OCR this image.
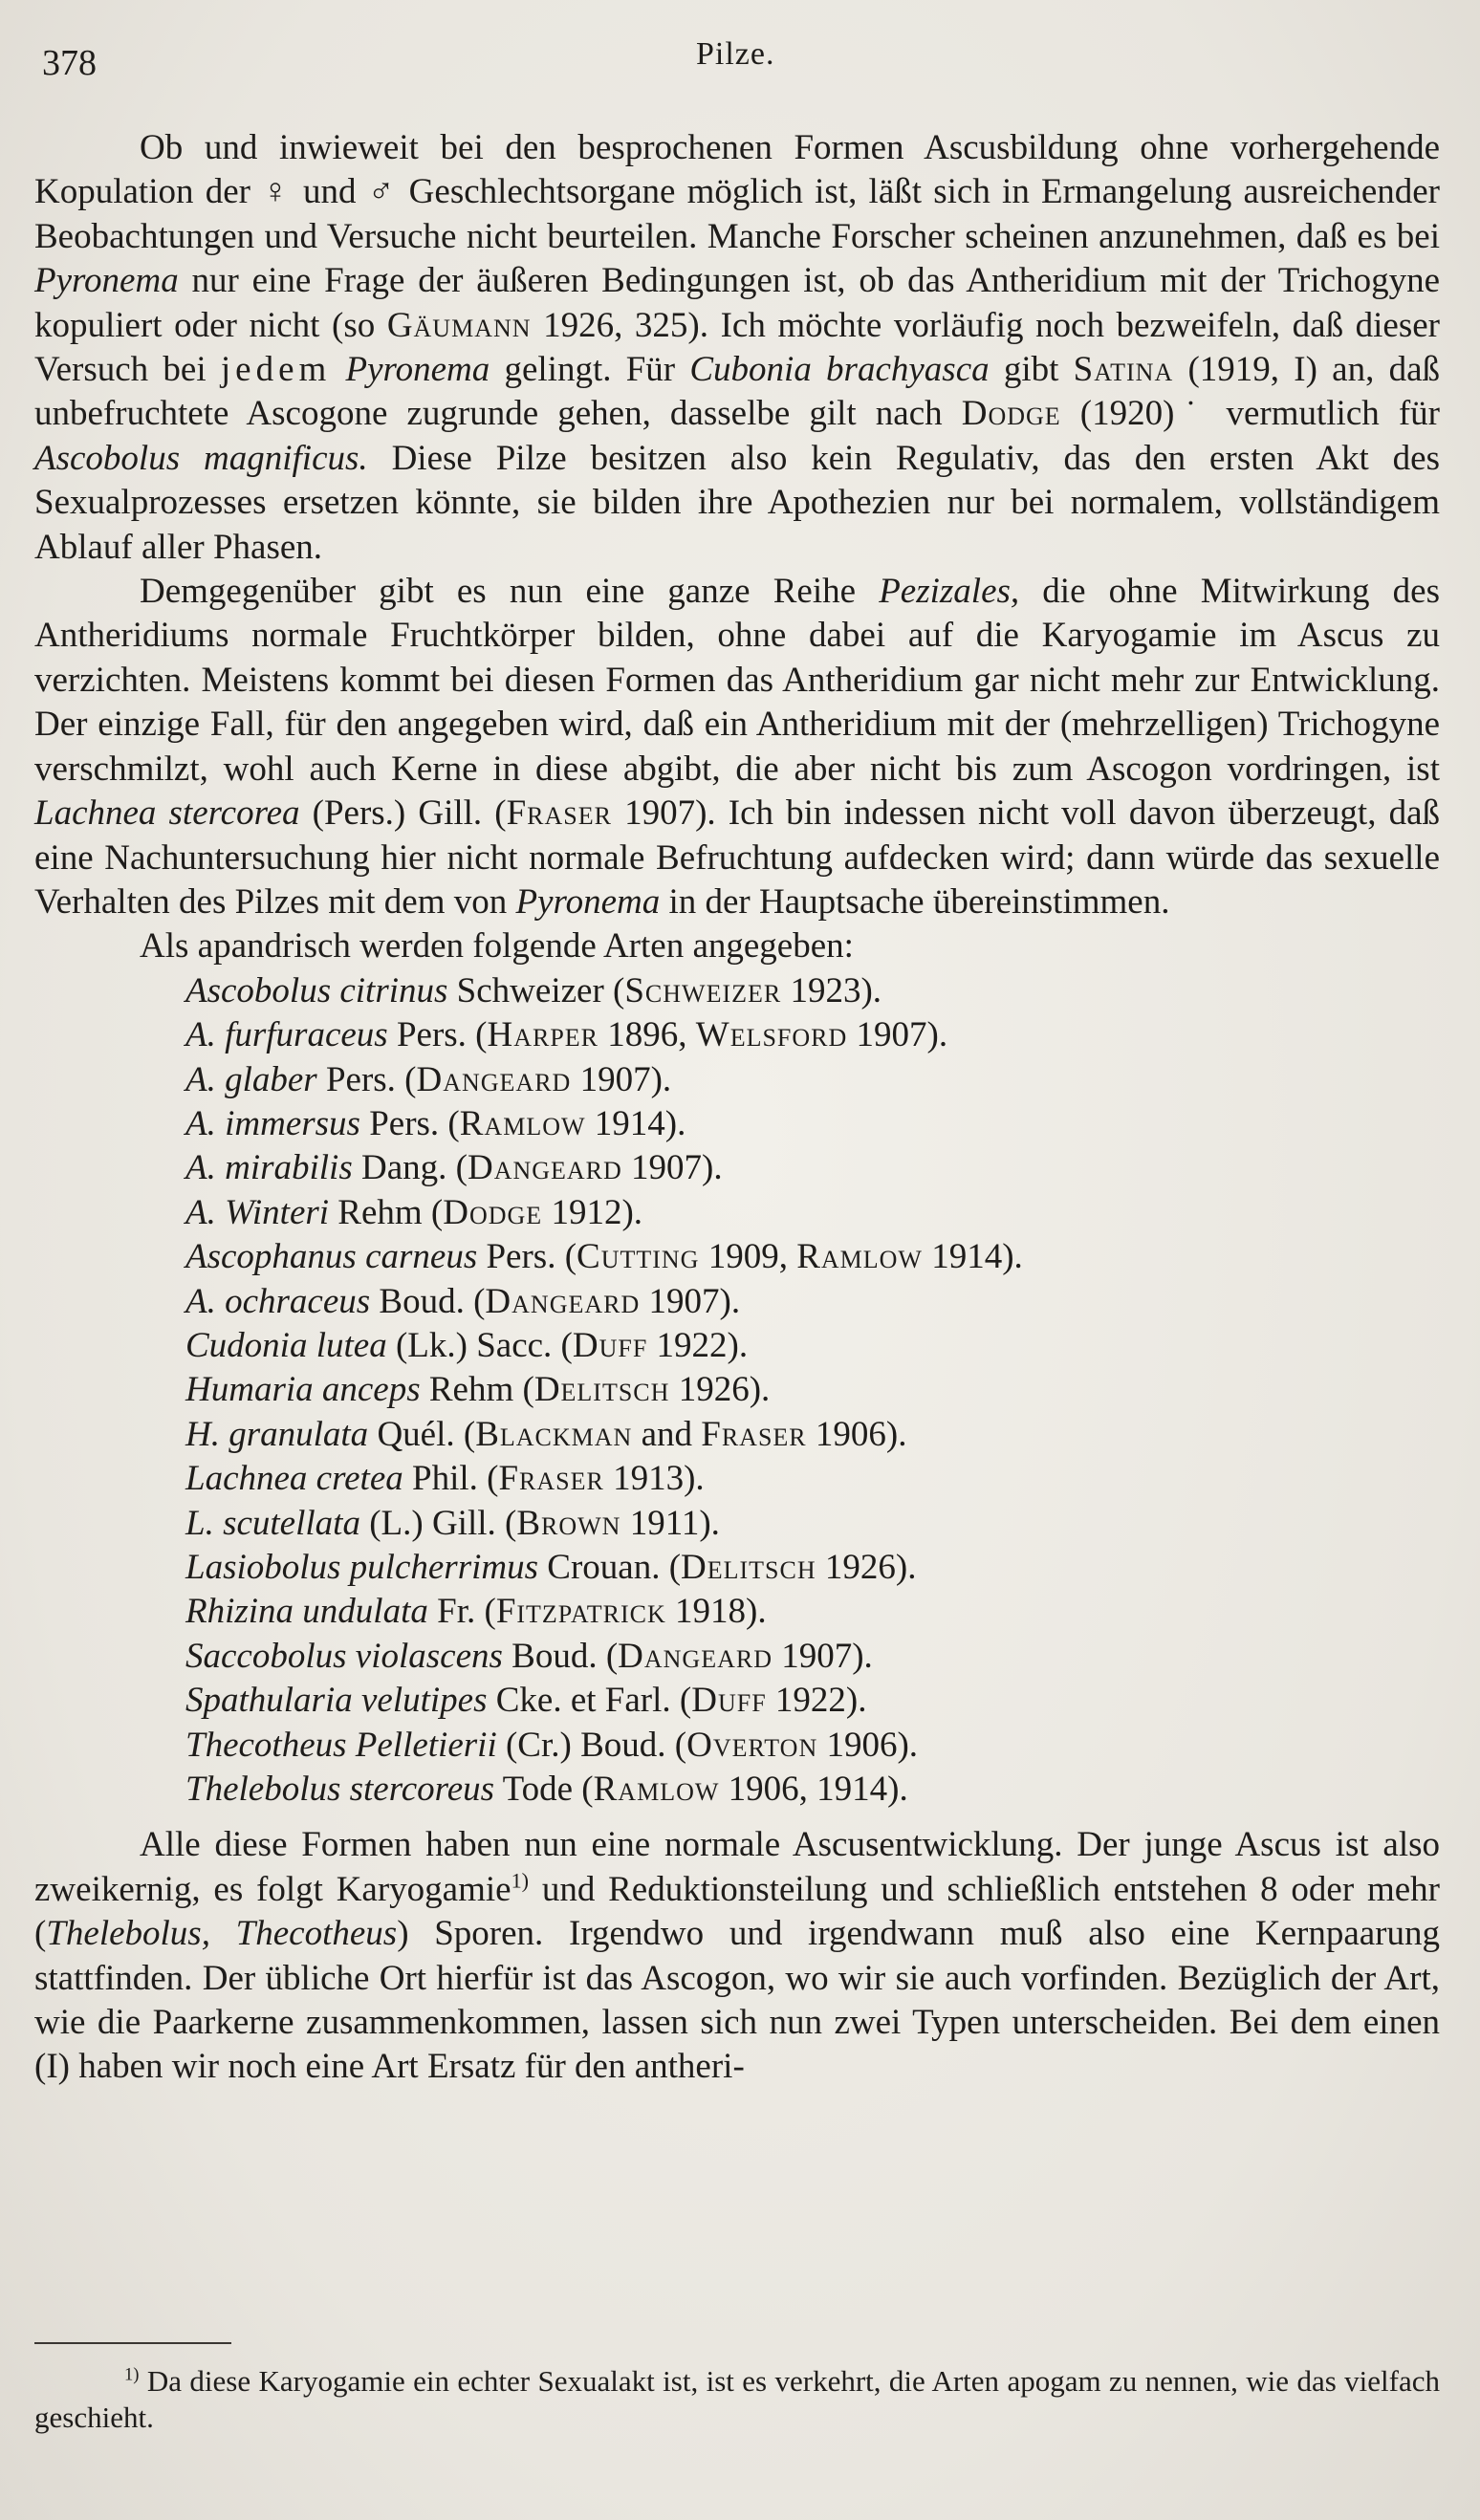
378	Pilze.

Ob und inwieweit bei den besprochenen Formen Ascusbildung ohne vorhergehende Kopulation der ♀ und ♂ Geschlechtsorgane möglich ist, läßt sich in Ermangelung ausreichender Beobachtungen und Versuche nicht beurteilen. Manche Forscher scheinen anzunehmen, daß es bei Pyronema nur eine Frage der äußeren Bedingungen ist, ob das Antheridium mit der Trichogyne kopuliert oder nicht (so Gäumann 1926, 325). Ich möchte vorläufig noch bezweifeln, daß dieser Versuch bei jedem Pyronema gelingt. Für Cubonia brachyasca gibt Satina (1919, I) an, daß unbefruchtete Ascogone zugrunde gehen, dasselbe gilt nach Dodge (1920)˙ vermutlich für Ascobolus magnificus. Diese Pilze besitzen also kein Regulativ, das den ersten Akt des Sexualprozesses ersetzen könnte, sie bilden ihre Apothezien nur bei normalem, vollständigem Ablauf aller Phasen.

Demgegenüber gibt es nun eine ganze Reihe Pezizales, die ohne Mitwirkung des Antheridiums normale Fruchtkörper bilden, ohne dabei auf die Karyogamie im Ascus zu verzichten. Meistens kommt bei diesen Formen das Antheridium gar nicht mehr zur Entwicklung. Der einzige Fall, für den angegeben wird, daß ein Antheridium mit der (mehrzelligen) Trichogyne verschmilzt, wohl auch Kerne in diese abgibt, die aber nicht bis zum Ascogon vordringen, ist Lachnea stercorea (Pers.) Gill. (Fraser 1907). Ich bin indessen nicht voll davon überzeugt, daß eine Nachuntersuchung hier nicht normale Befruchtung aufdecken wird; dann würde das sexuelle Verhalten des Pilzes mit dem von Pyronema in der Hauptsache übereinstimmen.

Als apandrisch werden folgende Arten angegeben:

Ascobolus citrinus Schweizer (Schweizer 1923).
A. furfuraceus Pers. (Harper 1896, Welsford 1907).
A. glaber Pers. (Dangeard 1907).
A. immersus Pers. (Ramlow 1914).
A. mirabilis Dang. (Dangeard 1907).
A. Winteri Rehm (Dodge 1912).
Ascophanus carneus Pers. (Cutting 1909, Ramlow 1914).
A. ochraceus Boud. (Dangeard 1907).
Cudonia lutea (Lk.) Sacc. (Duff 1922).
Humaria anceps Rehm (Delitsch 1926).
H. granulata Quél. (Blackman and Fraser 1906).
Lachnea cretea Phil. (Fraser 1913).
L. scutellata (L.) Gill. (Brown 1911).
Lasiobolus pulcherrimus Crouan. (Delitsch 1926).
Rhizina undulata Fr. (Fitzpatrick 1918).
Saccobolus violascens Boud. (Dangeard 1907).
Spathularia velutipes Cke. et Farl. (Duff 1922).
Thecotheus Pelletierii (Cr.) Boud. (Overton 1906).
Thelebolus stercoreus Tode (Ramlow 1906, 1914).

Alle diese Formen haben nun eine normale Ascusentwicklung. Der junge Ascus ist also zweikernig, es folgt Karyogamie$^{1)}$ und Reduktionsteilung und schließlich entstehen 8 oder mehr (Thelebolus, Thecotheus) Sporen. Irgendwo und irgendwann muß also eine Kernpaarung stattfinden. Der übliche Ort hierfür ist das Ascogon, wo wir sie auch vorfinden. Bezüglich der Art, wie die Paarkerne zusammenkommen, lassen sich nun zwei Typen unterscheiden. Bei dem einen (I) haben wir noch eine Art Ersatz für den antheri-

$^{1)}$ Da diese Karyogamie ein echter Sexualakt ist, ist es verkehrt, die Arten apogam zu nennen, wie das vielfach geschieht.
